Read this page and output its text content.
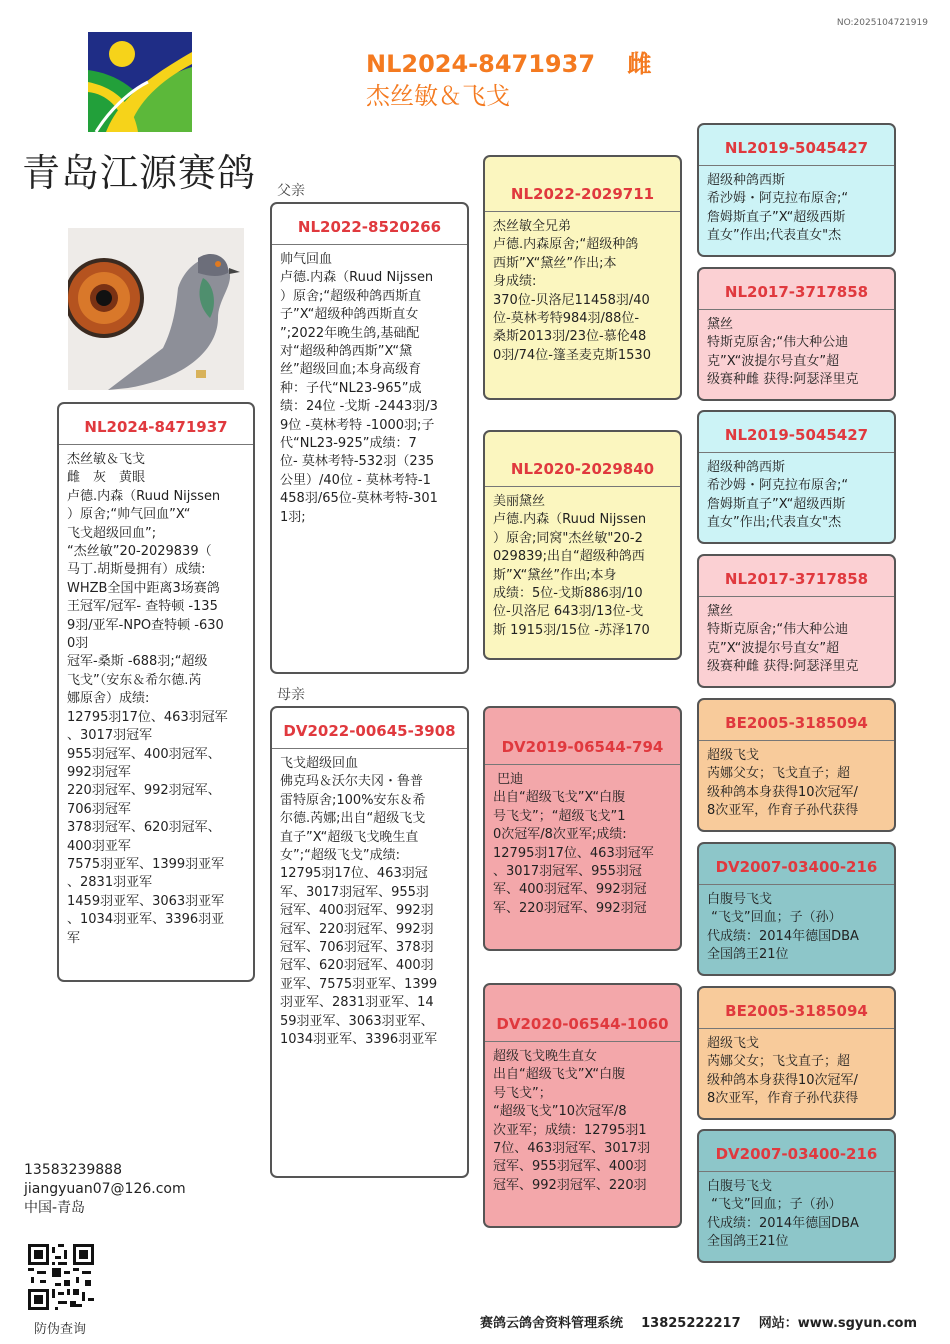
NO:2025104721919
青岛江源赛鸽
NL2024-8471937　 雌
杰丝敏＆飞戈
父亲
母亲
NL2024-8471937
杰丝敏＆飞戈
雌　灰　黄眼
卢德.内森（Ruud Nijssen
）原舍;“帅气回血”X“
飞戈超级回血”;
“杰丝敏”20-2029839（
马丁.胡斯曼拥有）成绩:
WHZB全国中距离3场赛鸽
王冠军/冠军- 查特顿 -135
9羽/亚军-NPO查特顿 -630
0羽
冠军-桑斯 -688羽;“超级
飞戈”（安东＆希尔德.芮
娜原舍）成绩:
12795羽17位、463羽冠军
、3017羽冠军
955羽冠军、400羽冠军、
992羽冠军
220羽冠军、992羽冠军、
706羽冠军
378羽冠军、620羽冠军、
400羽亚军
7575羽亚军、1399羽亚军
、2831羽亚军
1459羽亚军、3063羽亚军
、1034羽亚军、3396羽亚
军
NL2022-8520266
帅气回血
卢德.内森（Ruud Nijssen
）原舍;“超级种鸽西斯直
子”X“超级种鸽西斯直女
”;2022年晚生鸽,基础配
对“超级种鸽西斯”X“黛
丝”超级回血;本身高级育
种：子代“NL23-965”成
绩：24位 -戈斯 -2443羽/3
9位 -莫林考特 -1000羽;子
代“NL23-925”成绩：7
位- 莫林考特-532羽（235
公里）/40位 - 莫林考特-1
458羽/65位-莫林考特-301
1羽;
DV2022-00645-3908
飞戈超级回血
佛克玛＆沃尔夫冈・鲁普
雷特原舍;100%安东＆希
尔德.芮娜;出自“超级飞戈
直子”X“超级飞戈晚生直
女”;“超级飞戈”成绩:
12795羽17位、463羽冠
军、3017羽冠军、955羽
冠军、400羽冠军、992羽
冠军、220羽冠军、992羽
冠军、706羽冠军、378羽
冠军、620羽冠军、400羽
亚军、7575羽亚军、1399
羽亚军、2831羽亚军、14
59羽亚军、3063羽亚军、
1034羽亚军、3396羽亚军
NL2022-2029711
杰丝敏全兄弟
卢德.内森原舍;“超级种鸽
西斯”X“黛丝”作出;本
身成绩:
370位-贝洛尼11458羽/40
位-莫林考特984羽/88位-
桑斯2013羽/23位-慕伦48
0羽/74位-篷圣麦克斯1530
NL2020-2029840
美丽黛丝
卢德.内森（Ruud Nijssen
）原舍;同窝"杰丝敏"20-2
029839;出自“超级种鸽西
斯”X“黛丝”作出;本身
成绩：5位-戈斯886羽/10
位-贝洛尼 643羽/13位-戈
斯 1915羽/15位 -苏泽170
DV2019-06544-794
巴迪
出自“超级飞戈”X“白腹
号飞戈”；“超级飞戈”1
0次冠军/8次亚军;成绩:
12795羽17位、463羽冠军
、3017羽冠军、955羽冠
军、400羽冠军、992羽冠
军、220羽冠军、992羽冠
DV2020-06544-1060
超级飞戈晚生直女
出自“超级飞戈”X“白腹
号飞戈”；
“超级飞戈”10次冠军/8
次亚军；成绩：12795羽1
7位、463羽冠军、3017羽
冠军、955羽冠军、400羽
冠军、992羽冠军、220羽
NL2019-5045427
超级种鸽西斯
希沙姆・阿克拉布原舍;“
詹姆斯直子”X“超级西斯
直女”作出;代表直女"杰
NL2017-3717858
黛丝
特斯克原舍;“伟大种公迪
克”X“波提尔号直女”超
级赛种雌 获得:阿瑟泽里克
NL2019-5045427
超级种鸽西斯
希沙姆・阿克拉布原舍;“
詹姆斯直子”X“超级西斯
直女”作出;代表直女"杰
NL2017-3717858
黛丝
特斯克原舍;“伟大种公迪
克”X“波提尔号直女”超
级赛种雌 获得:阿瑟泽里克
BE2005-3185094
超级飞戈
芮娜父女；飞戈直子；超
级种鸽本身获得10次冠军/
8次亚军，作育子孙代获得
DV2007-03400-216
白腹号飞戈
“飞戈”回血；子（孙）
代成绩：2014年德国DBA
全国鸽王21位
BE2005-3185094
超级飞戈
芮娜父女；飞戈直子；超
级种鸽本身获得10次冠军/
8次亚军，作育子孙代获得
DV2007-03400-216
白腹号飞戈
“飞戈”回血；子（孙）
代成绩：2014年德国DBA
全国鸽王21位
13583239888
jiangyuan07@126.com
中国-青岛
防伪查询	赛鸽云鸽舍资料管理系统 13825222217 网站：www.sgyun.com
